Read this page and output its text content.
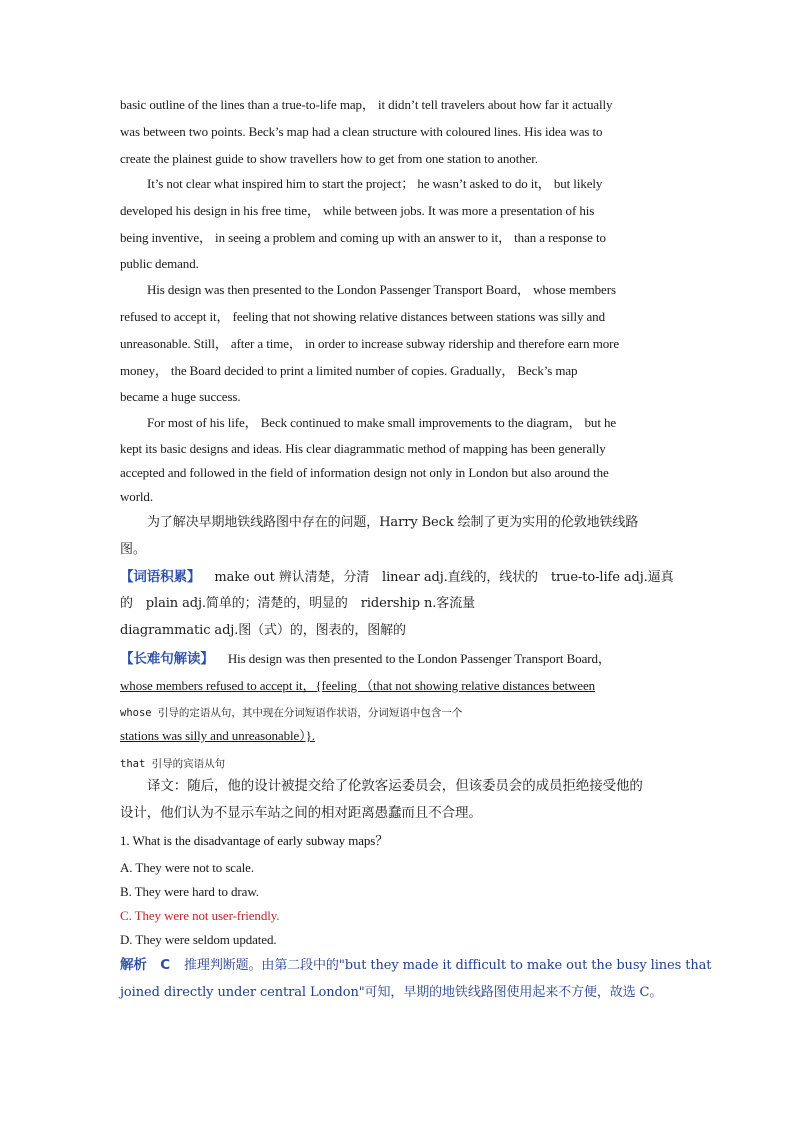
basic outline of the lines than a true-to-life map， it didn’t tell travelers about how far it actually
was between two points. Beck’s map had a clean structure with coloured lines. His idea was to
create the plainest guide to show travellers how to get from one station to another.
It’s not clear what inspired him to start the project； he wasn’t asked to do it， but likely
developed his design in his free time， while between jobs. It was more a presentation of his
being inventive， in seeing a problem and coming up with an answer to it， than a response to
public demand.
His design was then presented to the London Passenger Transport Board， whose members
refused to accept it， feeling that not showing relative distances between stations was silly and
unreasonable. Still， after a time， in order to increase subway ridership and therefore earn more
money， the Board decided to print a limited number of copies. Gradually， Beck’s map
became a huge success.
For most of his life， Beck continued to make small improvements to the diagram， but he
kept its basic designs and ideas. His clear diagrammatic method of mapping has been generally
accepted and followed in the field of information design not only in London but also around the
world.
为了解决早期地铁线路图中存在的问题，Harry Beck 绘制了更为实用的伦敦地铁线路
图。
【词语积累】 make out 辨认清楚，分清　linear adj.直线的，线状的　true-to-life adj.逼真
的　plain adj.简单的；清楚的，明显的　ridership n.客流量
diagrammatic adj.图（式）的，图表的，图解的
【长难句解读】 His design was then presented to the London Passenger Transport Board，
whose members refused to accept it，{feeling （that not showing relative distances between
whose 引导的定语从句，其中现在分词短语作状语，分词短语中包含一个
stations was silly and unreasonable）}.
that 引导的宾语从句
译文：随后，他的设计被提交给了伦敦客运委员会，但该委员会的成员拒绝接受他的
设计，他们认为不显示车站之间的相对距离愚蠢而且不合理。
1. What is the disadvantage of early subway maps？
A. They were not to scale.
B. They were hard to draw.
C. They were not user-friendly.
D. They were seldom updated.
解析　C 推理判断题。由第二段中的"but they made it difficult to make out the busy lines that
joined directly under central London"可知，早期的地铁线路图使用起来不方便，故选 C。
